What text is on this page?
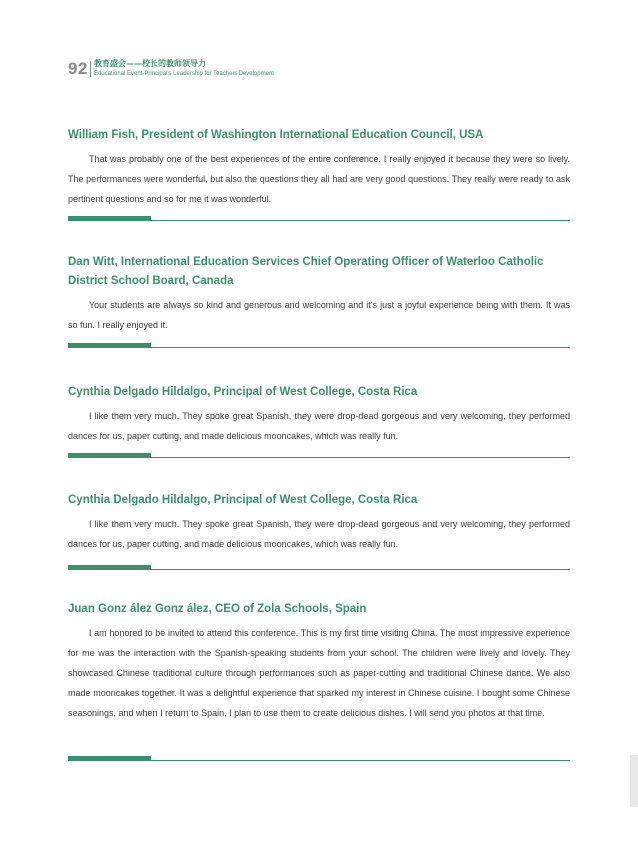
92 教育盛会——校长的教师领导力
Educational Event-Principal's Leadership for Teachers'Development
William Fish, President of Washington International Education Council, USA

That was probably one of the best experiences of the entire conference. I really enjoyed it because they were so lively. The performances were wonderful, but also the questions they all had are very good questions. They really were ready to ask pertinent questions and so for me it was wonderful.

Dan Witt, International Education Services Chief Operating Officer of Waterloo Catholic District School Board, Canada

Your students are always so kind and generous and welcoming and it's just a joyful experience being with them. It was so fun. I really enjoyed it.

Cynthia Delgado Hildalgo, Principal of West College, Costa Rica

I like them very much. They spoke great Spanish, they were drop-dead gorgeous and very welcoming, they performed dances for us, paper cutting, and made delicious mooncakes, which was really fun.

Cynthia Delgado Hildalgo, Principal of West College, Costa Rica

I like them very much. They spoke great Spanish, they were drop-dead gorgeous and very welcoming, they performed dances for us, paper cutting, and made delicious mooncakes, which was really fun.

Juan Gonz ález Gonz ález, CEO of Zola Schools, Spain

I am honored to be invited to attend this conference. This is my first time visiting China. The most impressive experience for me was the interaction with the Spanish-speaking students from your school. The children were lively and lovely. They showcased Chinese traditional culture through performances such as paper-cutting and traditional Chinese dance. We also made mooncakes together. It was a delightful experience that sparked my interest in Chinese cuisine. I bought some Chinese seasonings, and when I return to Spain, I plan to use them to create delicious dishes. I will send you photos at that time.
